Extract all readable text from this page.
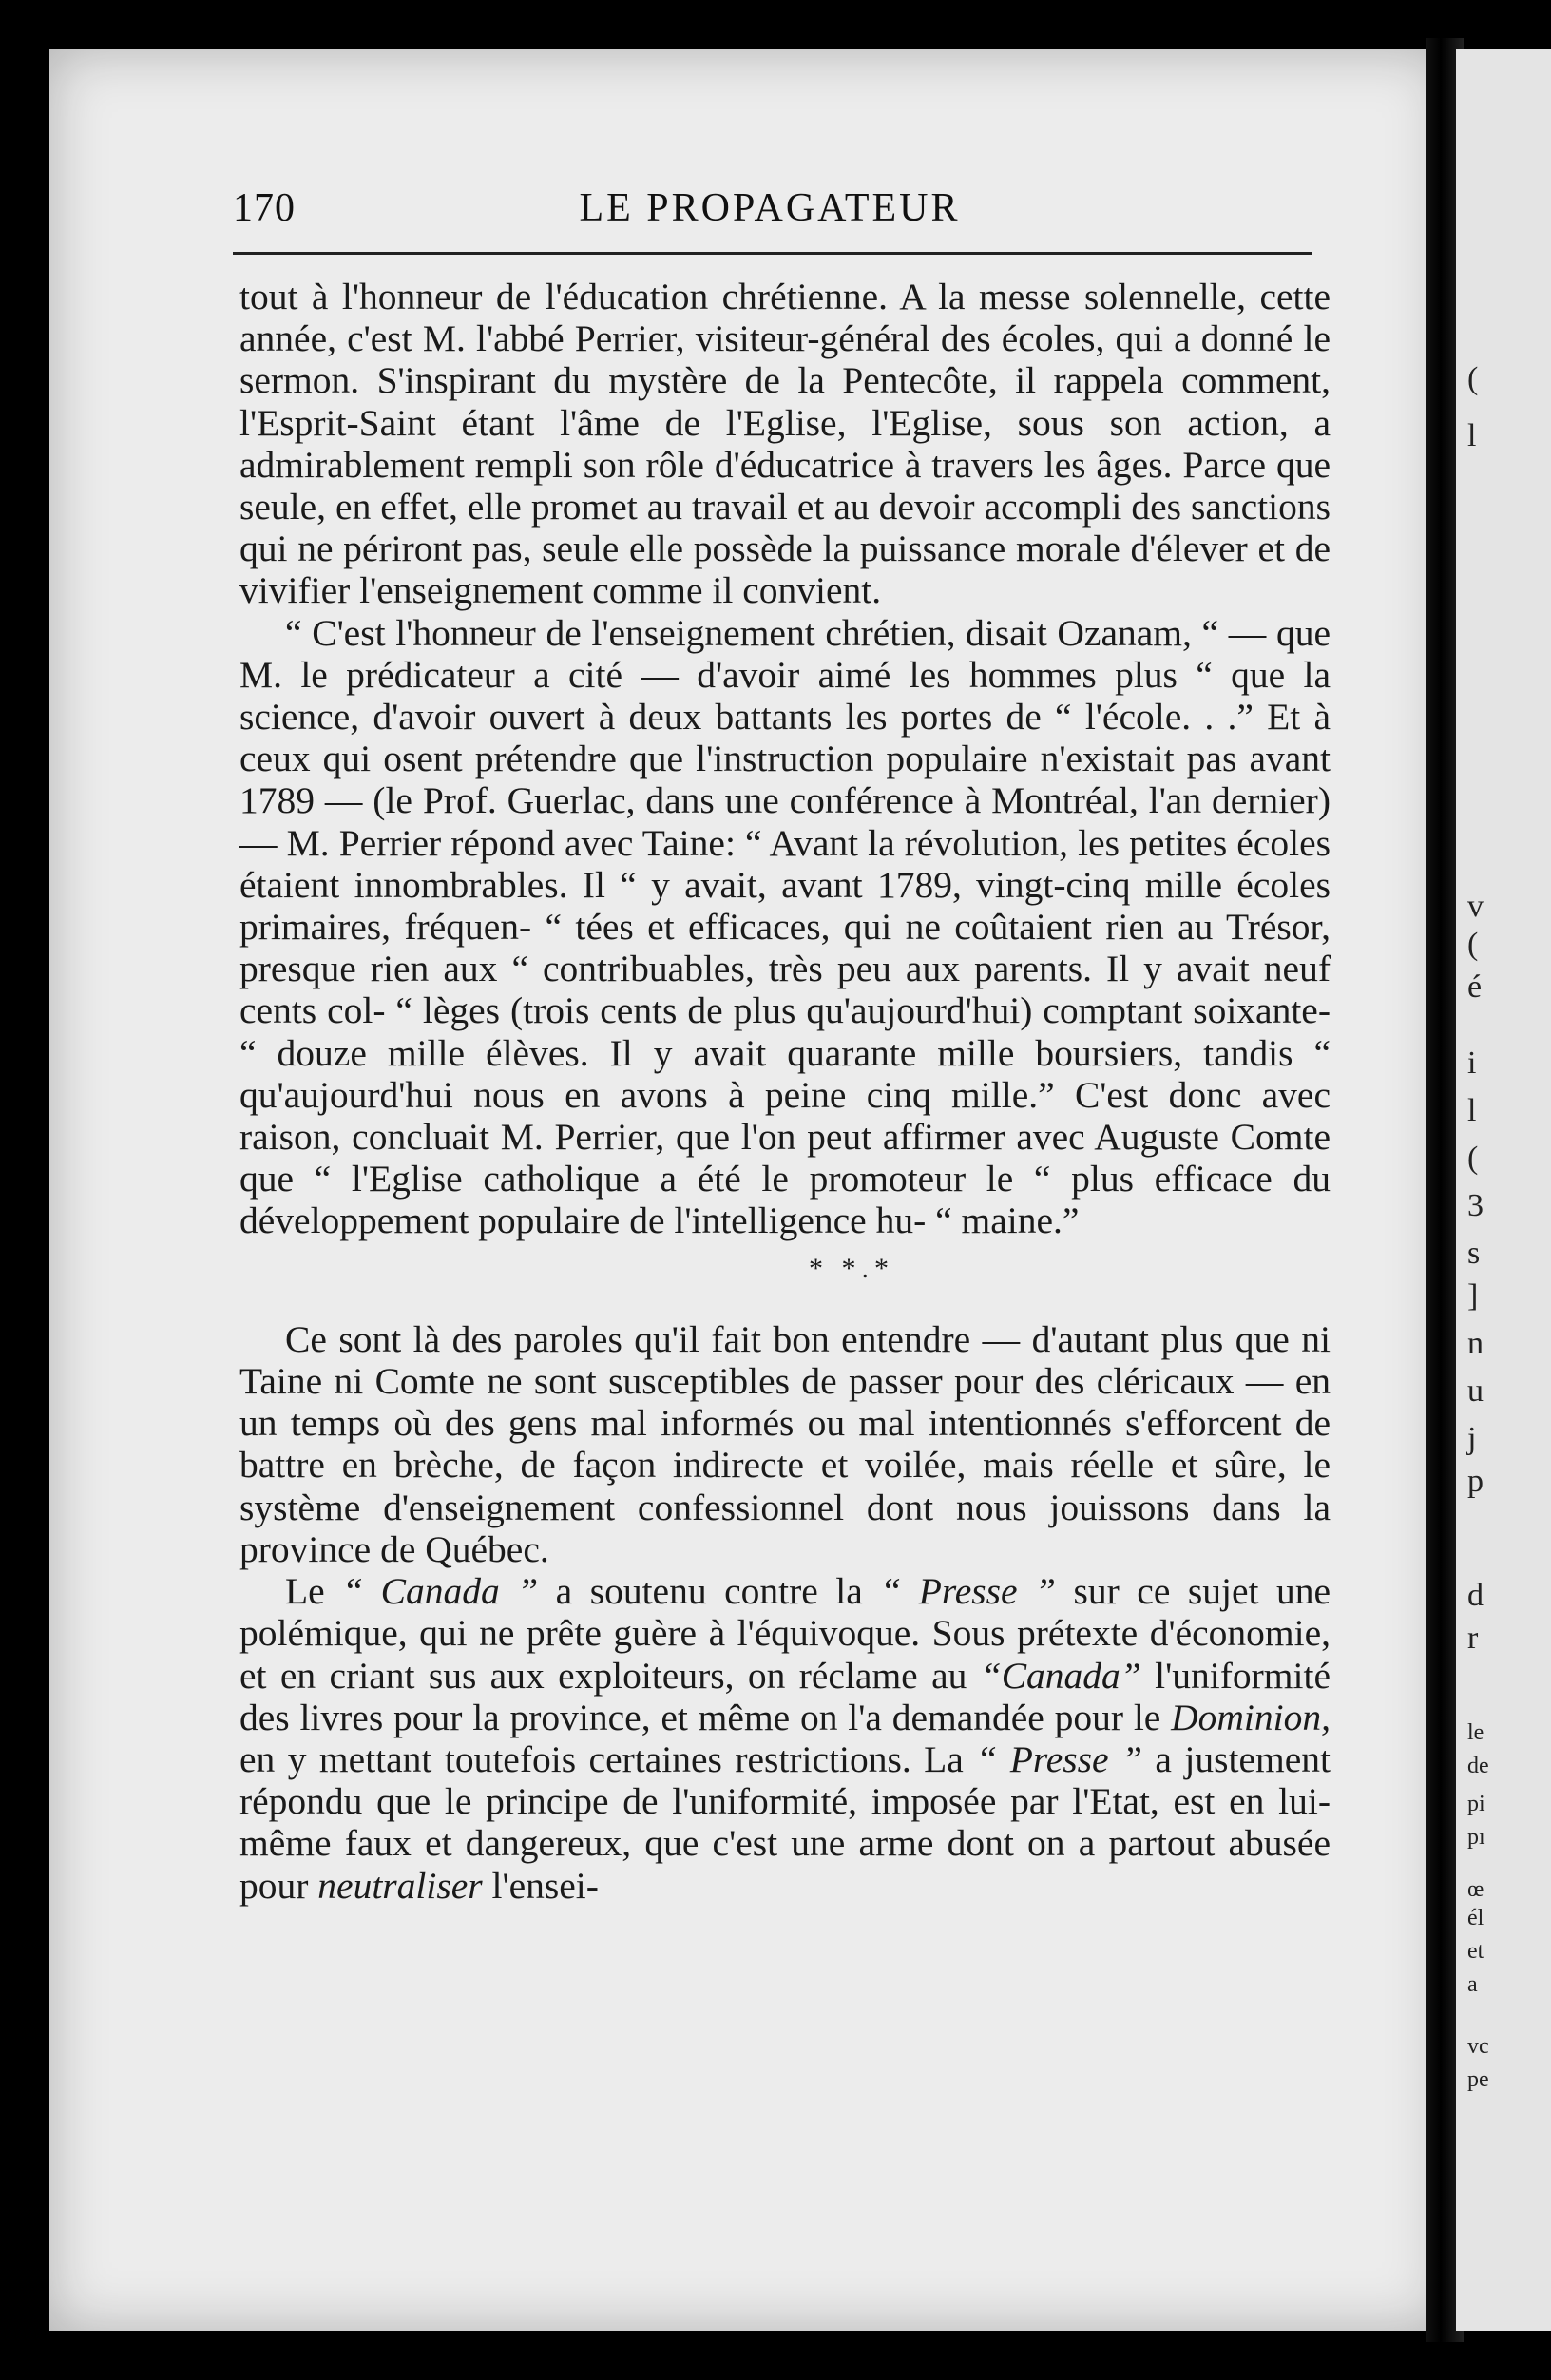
170	LE PROPAGATEUR

tout à l'honneur de l'éducation chrétienne. A la messe solennelle, cette année, c'est M. l'abbé Perrier, visiteur-général des écoles, qui a donné le sermon. S'inspirant du mystère de la Pentecôte, il rappela comment, l'Esprit-Saint étant l'âme de l'Eglise, l'Eglise, sous son action, a admirablement rempli son rôle d'éducatrice à travers les âges. Parce que seule, en effet, elle promet au travail et au devoir accompli des sanctions qui ne périront pas, seule elle possède la puissance morale d'élever et de vivifier l'enseignement comme il convient.

“ C'est l'honneur de l'enseignement chrétien, disait Ozanam, “ — que M. le prédicateur a cité — d'avoir aimé les hommes plus “ que la science, d'avoir ouvert à deux battants les portes de “ l'école. . .” Et à ceux qui osent prétendre que l'instruction populaire n'existait pas avant 1789 — (le Prof. Guerlac, dans une conférence à Montréal, l'an dernier) — M. Perrier répond avec Taine: “ Avant la révolution, les petites écoles étaient innombrables. Il “ y avait, avant 1789, vingt-cinq mille écoles primaires, fréquen- “ tées et efficaces, qui ne coûtaient rien au Trésor, presque rien aux “ contribuables, très peu aux parents. Il y avait neuf cents col- “ lèges (trois cents de plus qu'aujourd'hui) comptant soixante- “ douze mille élèves. Il y avait quarante mille boursiers, tandis “ qu'aujourd'hui nous en avons à peine cinq mille.” C'est donc avec raison, concluait M. Perrier, que l'on peut affirmer avec Auguste Comte que “ l'Eglise catholique a été le promoteur le “ plus efficace du développement populaire de l'intelligence hu- “ maine.”

* *.*

Ce sont là des paroles qu'il fait bon entendre — d'autant plus que ni Taine ni Comte ne sont susceptibles de passer pour des cléricaux — en un temps où des gens mal informés ou mal intentionnés s'efforcent de battre en brèche, de façon indirecte et voilée, mais réelle et sûre, le système d'enseignement confessionnel dont nous jouissons dans la province de Québec.

Le “ Canada ” a soutenu contre la “ Presse ” sur ce sujet une polémique, qui ne prête guère à l'équivoque. Sous prétexte d'économie, et en criant sus aux exploiteurs, on réclame au “Canada” l'uniformité des livres pour la province, et même on l'a demandée pour le Dominion, en y mettant toutefois certaines restrictions. La “ Presse ” a justement répondu que le principe de l'uniformité, imposée par l'Etat, est en lui-même faux et dangereux, que c'est une arme dont on a partout abusée pour neutraliser l'ensei-

(
l
v
(
é
i
l
(
3
s
]
n
u
j
p
d
r
le
de
pi
pı
œ
él
et
a
vc
pe
